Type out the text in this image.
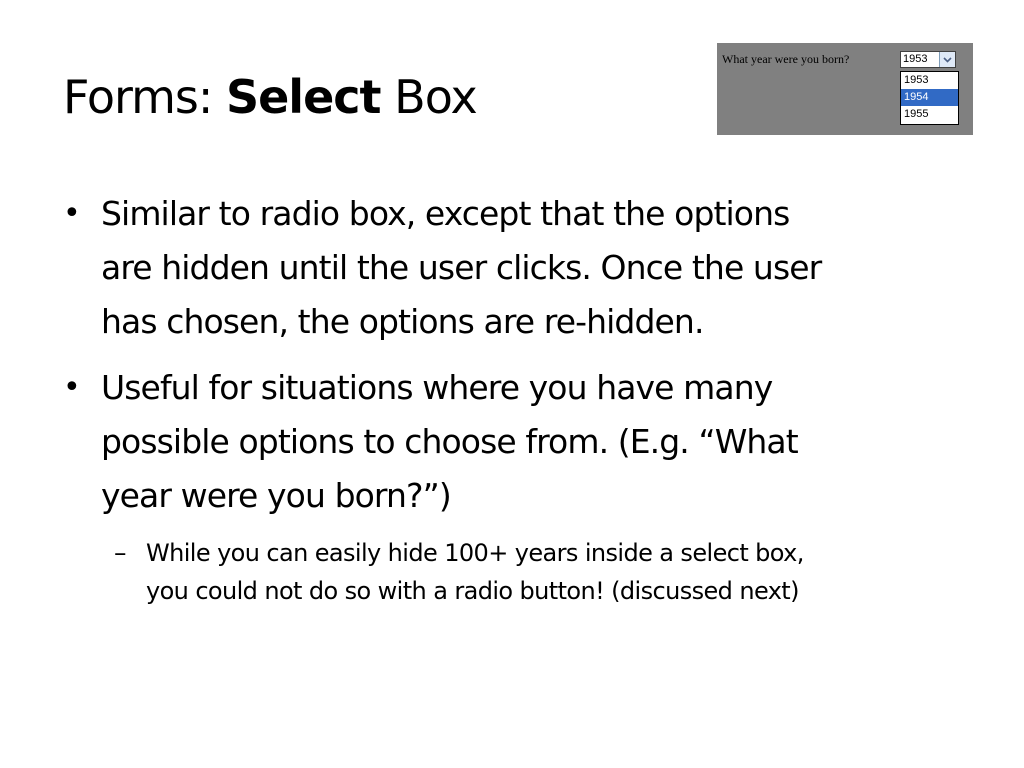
Forms: Select Box
What year were you born?	1953
1953
1954
1955
• Similar to radio box, except that the options
are hidden until the user clicks. Once the user
has chosen, the options are re-hidden.
• Useful for situations where you have many
possible options to choose from. (E.g. “What
year were you born?”)
– While you can easily hide 100+ years inside a select box,
you could not do so with a radio button! (discussed next)
